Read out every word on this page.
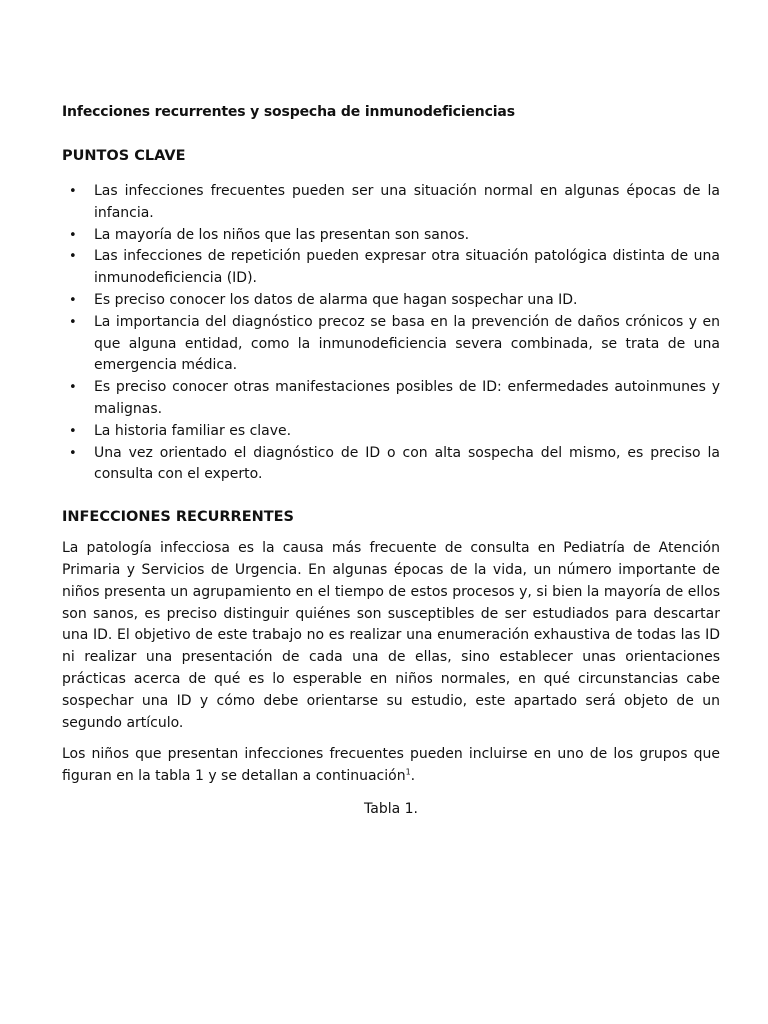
Infecciones recurrentes y sospecha de inmunodeficiencias
PUNTOS CLAVE
• Las infecciones frecuentes pueden ser una situación normal en algunas épocas de la infancia.
• La mayoría de los niños que las presentan son sanos.
• Las infecciones de repetición pueden expresar otra situación patológica distinta de una inmunodeficiencia (ID).
• Es preciso conocer los datos de alarma que hagan sospechar una ID.
• La importancia del diagnóstico precoz se basa en la prevención de daños crónicos y en que alguna entidad, como la inmunodeficiencia severa combinada, se trata de una emergencia médica.
• Es preciso conocer otras manifestaciones posibles de ID: enfermedades autoinmunes y malignas.
• La historia familiar es clave.
• Una vez orientado el diagnóstico de ID o con alta sospecha del mismo, es preciso la consulta con el experto.
INFECCIONES RECURRENTES

La patología infecciosa es la causa más frecuente de consulta en Pediatría de Atención Primaria y Servicios de Urgencia. En algunas épocas de la vida, un número importante de niños presenta un agrupamiento en el tiempo de estos procesos y, si bien la mayoría de ellos son sanos, es preciso distinguir quiénes son susceptibles de ser estudiados para descartar una ID. El objetivo de este trabajo no es realizar una enumeración exhaustiva de todas las ID ni realizar una presentación de cada una de ellas, sino establecer unas orientaciones prácticas acerca de qué es lo esperable en niños normales, en qué circunstancias cabe sospechar una ID y cómo debe orientarse su estudio, este apartado será objeto de un segundo artículo.

Los niños que presentan infecciones frecuentes pueden incluirse en uno de los grupos que figuran en la tabla 1 y se detallan a continuación$^1$.

Tabla 1.
